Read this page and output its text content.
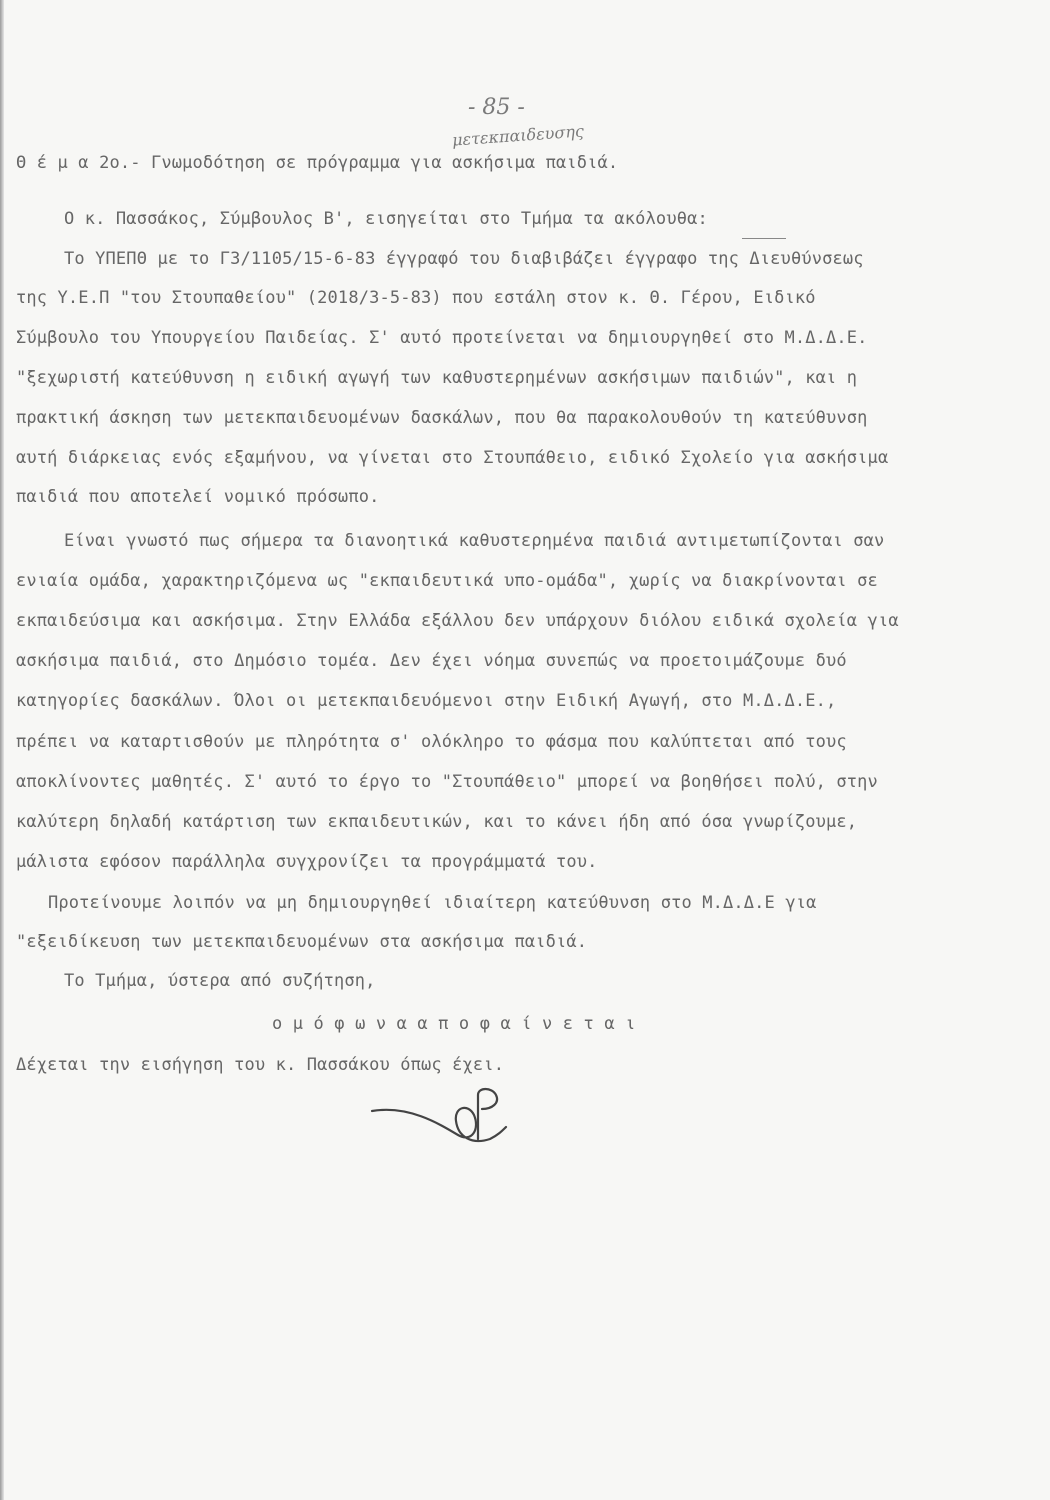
- 85 -
μετεκπαιδευσης
Θ έ μ α 2ο.- Γνωμοδότηση σε πρόγραμμα για ασκήσιμα παιδιά.
Ο κ. Πασσάκος, Σύμβουλος Β', εισηγείται στο Τμήμα τα ακόλουθα:
Το ΥΠΕΠΘ με το Γ3/1105/15-6-83 έγγραφό του διαβιβάζει έγγραφο της Διευθύνσεως
της Υ.Ε.Π "του Στουπαθείου" (2018/3-5-83) που εστάλη στον κ. Θ. Γέρου, Ειδικό
Σύμβουλο του Υπουργείου Παιδείας. Σ' αυτό προτείνεται να δημιουργηθεί στο Μ.Δ.Δ.Ε.
"ξεχωριστή κατεύθυνση η ειδική αγωγή των καθυστερημένων ασκήσιμων παιδιών", και η
πρακτική άσκηση των μετεκπαιδευομένων δασκάλων, που θα παρακολουθούν τη κατεύθυνση
αυτή διάρκειας ενός εξαμήνου, να γίνεται στο Στουπάθειο, ειδικό Σχολείο για ασκήσιμα
παιδιά που αποτελεί νομικό πρόσωπο.
Είναι γνωστό πως σήμερα τα διανοητικά καθυστερημένα παιδιά αντιμετωπίζονται σαν
ενιαία ομάδα, χαρακτηριζόμενα ως "εκπαιδευτικά υπο-ομάδα", χωρίς να διακρίνονται σε
εκπαιδεύσιμα και ασκήσιμα. Στην Ελλάδα εξάλλου δεν υπάρχουν διόλου ειδικά σχολεία για
ασκήσιμα παιδιά, στο Δημόσιο τομέα. Δεν έχει νόημα συνεπώς να προετοιμάζουμε δυό
κατηγορίες δασκάλων. Όλοι οι μετεκπαιδευόμενοι στην Ειδική Αγωγή, στο Μ.Δ.Δ.Ε.,
πρέπει να καταρτισθούν με πληρότητα σ' ολόκληρο το φάσμα που καλύπτεται από τους
αποκλίνοντες μαθητές. Σ' αυτό το έργο το "Στουπάθειο" μπορεί να βοηθήσει πολύ, στην
καλύτερη δηλαδή κατάρτιση των εκπαιδευτικών, και το κάνει ήδη από όσα γνωρίζουμε,
μάλιστα εφόσον παράλληλα συγχρονίζει τα προγράμματά του.
Προτείνουμε λοιπόν να μη δημιουργηθεί ιδιαίτερη κατεύθυνση στο Μ.Δ.Δ.Ε για
"εξειδίκευση των μετεκπαιδευομένων στα ασκήσιμα παιδιά.
Το Τμήμα, ύστερα από συζήτηση,
ο μ ό φ ω ν α α π ο φ α ί ν ε τ α ι
Δέχεται την εισήγηση του κ. Πασσάκου όπως έχει.
